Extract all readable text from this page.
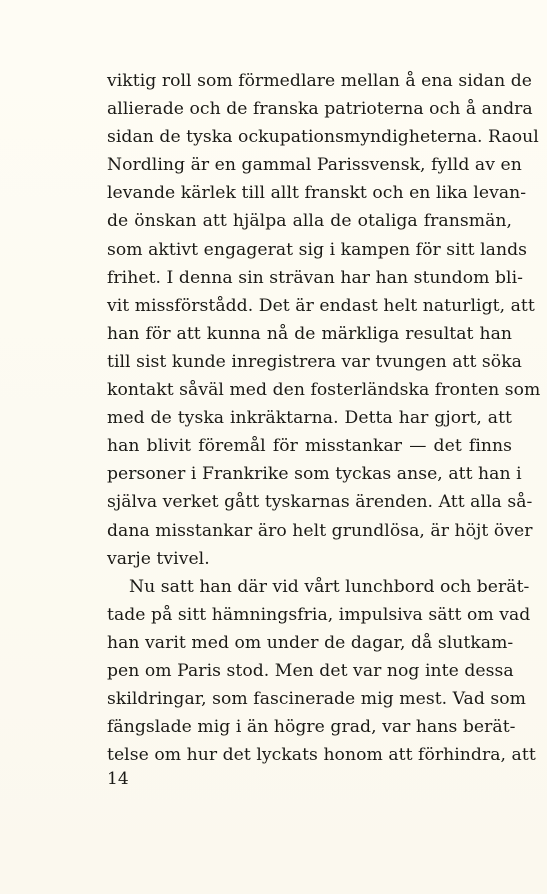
viktig roll som förmedlare mellan å ena sidan de
allierade och de franska patrioterna och å andra
sidan de tyska ockupationsmyndigheterna. Raoul
Nordling är en gammal Parissvensk, fylld av en
levande kärlek till allt franskt och en lika levan-
de önskan att hjälpa alla de otaliga fransmän,
som aktivt engagerat sig i kampen för sitt lands
frihet. I denna sin strävan har han stundom bli-
vit missförstådd. Det är endast helt naturligt, att
han för att kunna nå de märkliga resultat han
till sist kunde inregistrera var tvungen att söka
kontakt såväl med den fosterländska fronten som
med de tyska inkräktarna. Detta har gjort, att
han blivit föremål för misstankar — det finns
personer i Frankrike som tyckas anse, att han i
själva verket gått tyskarnas ärenden. Att alla så-
dana misstankar äro helt grundlösa, är höjt över
varje tvivel.
Nu satt han där vid vårt lunchbord och berät-
tade på sitt hämningsfria, impulsiva sätt om vad
han varit med om under de dagar, då slutkam-
pen om Paris stod. Men det var nog inte dessa
skildringar, som fascinerade mig mest. Vad som
fängslade mig i än högre grad, var hans berät-
telse om hur det lyckats honom att förhindra, att
14
